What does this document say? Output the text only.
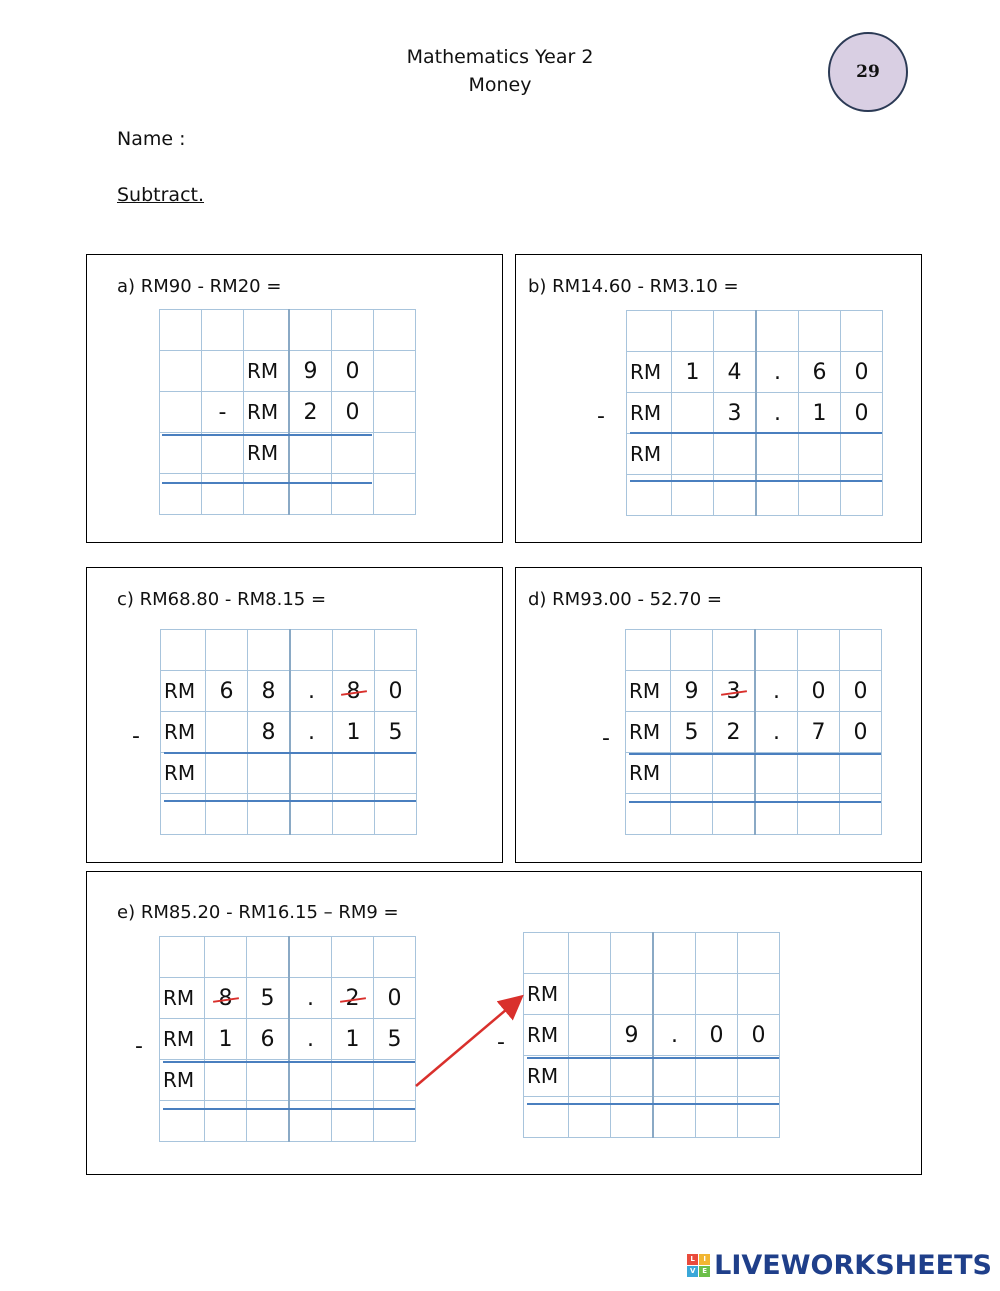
Mathematics Year 2
Money
29
Name :
Subtract.
a) RM90 - RM20 =

		RM	9	0	
	-	RM	2	0	
		RM			

b) RM14.60 - RM3.10 =
-

RM	1	4	.	6	0
RM		3	.	1	0
RM					

c) RM68.80 - RM8.15 =
-

RM	6	8	.	8	0
RM		8	.	1	5
RM					

d) RM93.00 - 52.70 =
-

RM	9	3	.	0	0
RM	5	2	.	7	0
RM					

e) RM85.20 - RM16.15 – RM9 =
-

RM	8	5	.	2	0
RM	1	6	.	1	5
RM					

-

RM					
RM		9	.	0	0
RM					

L	I
V E LIVEWORKSHEETS
